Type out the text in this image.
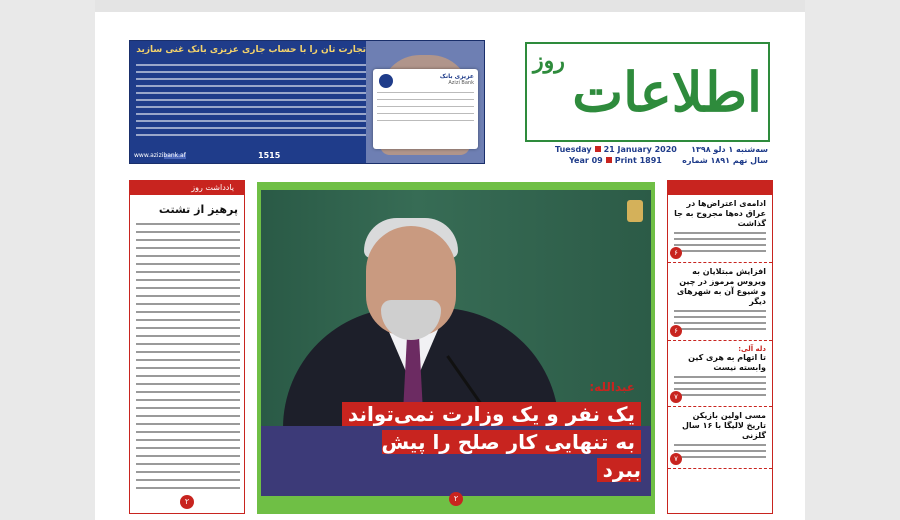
تجارت تان را با حساب جاری عزیزی بانک غنی سازید
عزیزی بانک
Azizi Bank
www.azizibank.af	1515
اطلاعات
روز
سه‌شنبه ۱ دلو ۱۳۹۸
سال نهم ۱۸۹۱ شماره
Tuesday 21 January 2020
Year 09 Print 1891
یادداشت روز
پرهیز از تشتت
۲
عبدالله:
یک نفر و یک وزارت نمی‌تواند
به تنهایی کار صلح را پیش ببرد
۲
ادامه‌ی اعتراض‌ها در عراق ده‌ها مجروح به جا گذاشت
۶
افزایش مبتلایان به ویروس مرموز در چین و شیوع آن به شهرهای دیگر
۶
دله آلی:
تا اتهام به هری کین وابسته نیست
۷
مسی اولین بازیکن تاریخ لالیگا با ۱۶ سال گلزنی
۷
